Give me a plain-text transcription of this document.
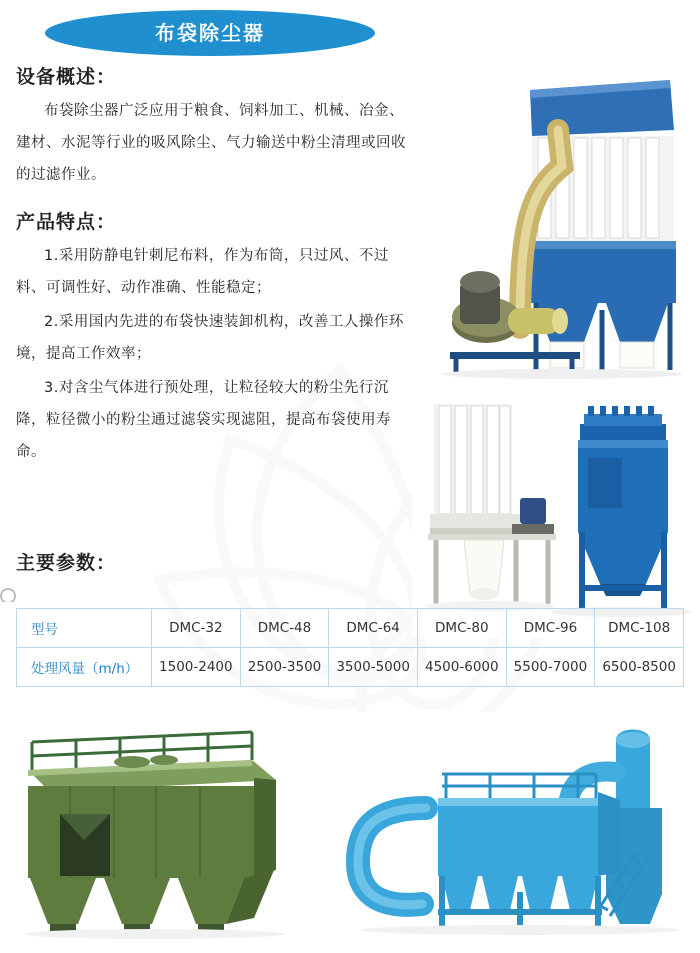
布袋除尘器
设备概述：

布袋除尘器广泛应用于粮食、饲料加工、机械、冶金、建材、水泥等行业的吸风除尘、气力输送中粉尘清理或回收的过滤作业。

产品特点：

1.采用防静电针刺尼布料，作为布筒，只过风、不过料、可调性好、动作准确、性能稳定；

2.采用国内先进的布袋快速装卸机构，改善工人操作环境，提高工作效率；

3.对含尘气体进行预处理，让粒径较大的粉尘先行沉降，粒径微小的粉尘通过滤袋实现滤阻，提高布袋使用寿命。

主要参数：
型号	DMC-32	DMC-48	DMC-64	DMC-80	DMC-96	DMC-108
处理风量（m/h）	1500-2400	2500-3500	3500-5000	4500-6000	5500-7000	6500-8500
